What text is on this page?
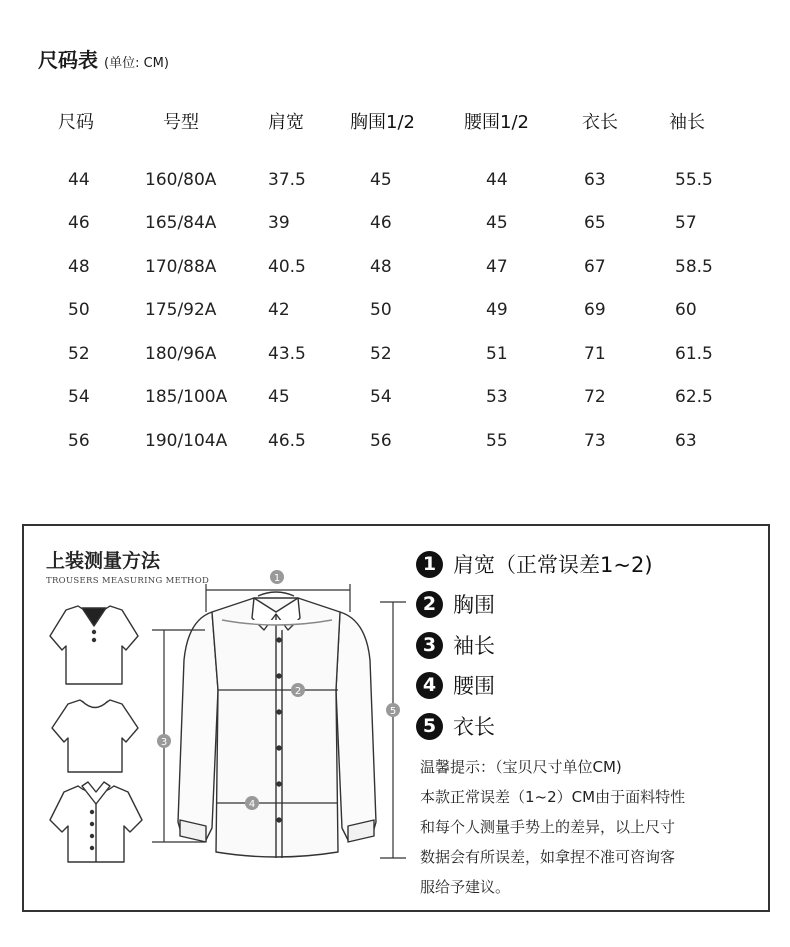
尺码表 (单位: CM)
尺码	号型	肩宽	胸围1/2	腰围1/2	衣长	袖长
44	160/80A	37.5	45	44	63	55.5
46	165/84A	39	46	45	65	57
48	170/88A	40.5	48	47	67	58.5
50	175/92A	42	50	49	69	60
52	180/96A	43.5	52	51	71	61.5
54	185/100A 45	54	53	72	62.5
56	190/104A 46.5	56	55	73	63
上装测量方法
TROUSERS MEASURING METHOD	1
2
3
4
5
1 肩宽（正常误差1~2)
2 胸围
3 袖长
4 腰围
5 衣长
温馨提示：（宝贝尺寸单位CM)
本款正常误差（1~2）CM由于面料特性
和每个人测量手势上的差异，以上尺寸
数据会有所误差，如拿捏不准可咨询客
服给予建议。
